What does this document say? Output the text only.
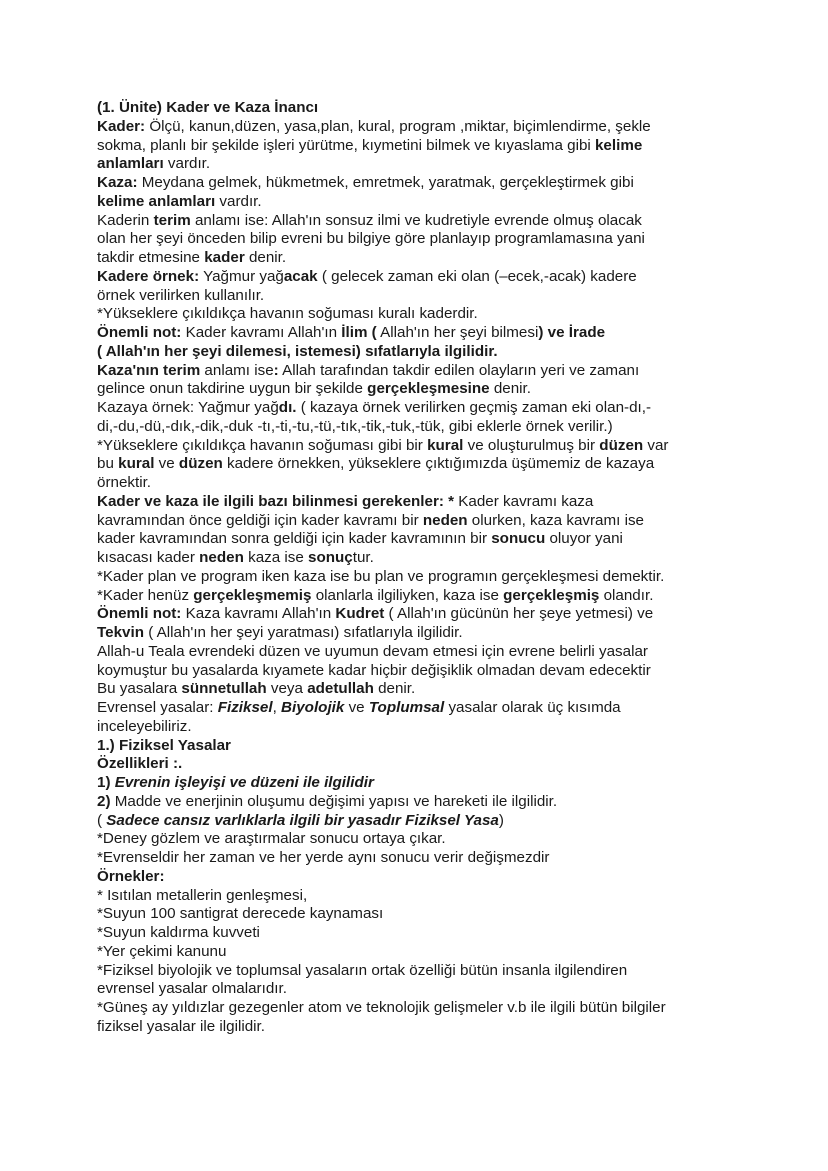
(1. Ünite) Kader ve Kaza İnancı
Kader: Ölçü, kanun,düzen, yasa,plan, kural, program ,miktar, biçimlendirme, şekle
sokma, planlı bir şekilde işleri yürütme, kıymetini bilmek ve kıyaslama gibi kelime
anlamları vardır.
Kaza: Meydana gelmek, hükmetmek, emretmek, yaratmak, gerçekleştirmek gibi
kelime anlamları vardır.
Kaderin terim anlamı ise: Allah'ın sonsuz ilmi ve kudretiyle evrende olmuş olacak
olan her şeyi önceden bilip evreni bu bilgiye göre planlayıp programlamasına yani
takdir etmesine kader denir.
Kadere örnek: Yağmur yağacak ( gelecek zaman eki olan (–ecek,-acak) kadere
örnek verilirken kullanılır.
*Yükseklere çıkıldıkça havanın soğuması kuralı kaderdir.
Önemli not: Kader kavramı Allah'ın İlim ( Allah'ın her şeyi bilmesi) ve İrade
( Allah'ın her şeyi dilemesi, istemesi) sıfatlarıyla ilgilidir.
Kaza'nın terim anlamı ise: Allah tarafından takdir edilen olayların yeri ve zamanı
gelince onun takdirine uygun bir şekilde gerçekleşmesine denir.
Kazaya örnek: Yağmur yağdı. ( kazaya örnek verilirken geçmiş zaman eki olan-dı,-
di,-du,-dü,-dık,-dik,-duk -tı,-ti,-tu,-tü,-tık,-tik,-tuk,-tük, gibi eklerle örnek verilir.)
*Yükseklere çıkıldıkça havanın soğuması gibi bir kural ve oluşturulmuş bir düzen var
bu kural ve düzen kadere örnekken, yükseklere çıktığımızda üşümemiz de kazaya
örnektir.
Kader ve kaza ile ilgili bazı bilinmesi gerekenler: * Kader kavramı kaza
kavramından önce geldiği için kader kavramı bir neden olurken, kaza kavramı ise
kader kavramından sonra geldiği için kader kavramının bir sonucu oluyor yani
kısacası kader neden kaza ise sonuçtur.
*Kader plan ve program iken kaza ise bu plan ve programın gerçekleşmesi demektir.
*Kader henüz gerçekleşmemiş olanlarla ilgiliyken, kaza ise gerçekleşmiş olandır.
Önemli not: Kaza kavramı Allah'ın Kudret ( Allah'ın gücünün her şeye yetmesi) ve
Tekvin ( Allah'ın her şeyi yaratması) sıfatlarıyla ilgilidir.
Allah-u Teala evrendeki düzen ve uyumun devam etmesi için evrene belirli yasalar
koymuştur bu yasalarda kıyamete kadar hiçbir değişiklik olmadan devam edecektir
Bu yasalara sünnetullah veya adetullah denir.
Evrensel yasalar: Fiziksel, Biyolojik ve Toplumsal yasalar olarak üç kısımda
inceleyebiliriz.
1.) Fiziksel Yasalar
Özellikleri :.
1) Evrenin işleyişi ve düzeni ile ilgilidir
2) Madde ve enerjinin oluşumu değişimi yapısı ve hareketi ile ilgilidir.
( Sadece cansız varlıklarla ilgili bir yasadır Fiziksel Yasa)
*Deney gözlem ve araştırmalar sonucu ortaya çıkar.
*Evrenseldir her zaman ve her yerde aynı sonucu verir değişmezdir
Örnekler:
* Isıtılan metallerin genleşmesi,
*Suyun 100 santigrat derecede kaynaması
*Suyun kaldırma kuvveti
*Yer çekimi kanunu
*Fiziksel biyolojik ve toplumsal yasaların ortak özelliği bütün insanla ilgilendiren
evrensel yasalar olmalarıdır.
*Güneş ay yıldızlar gezegenler atom ve teknolojik gelişmeler v.b ile ilgili bütün bilgiler
fiziksel yasalar ile ilgilidir.
